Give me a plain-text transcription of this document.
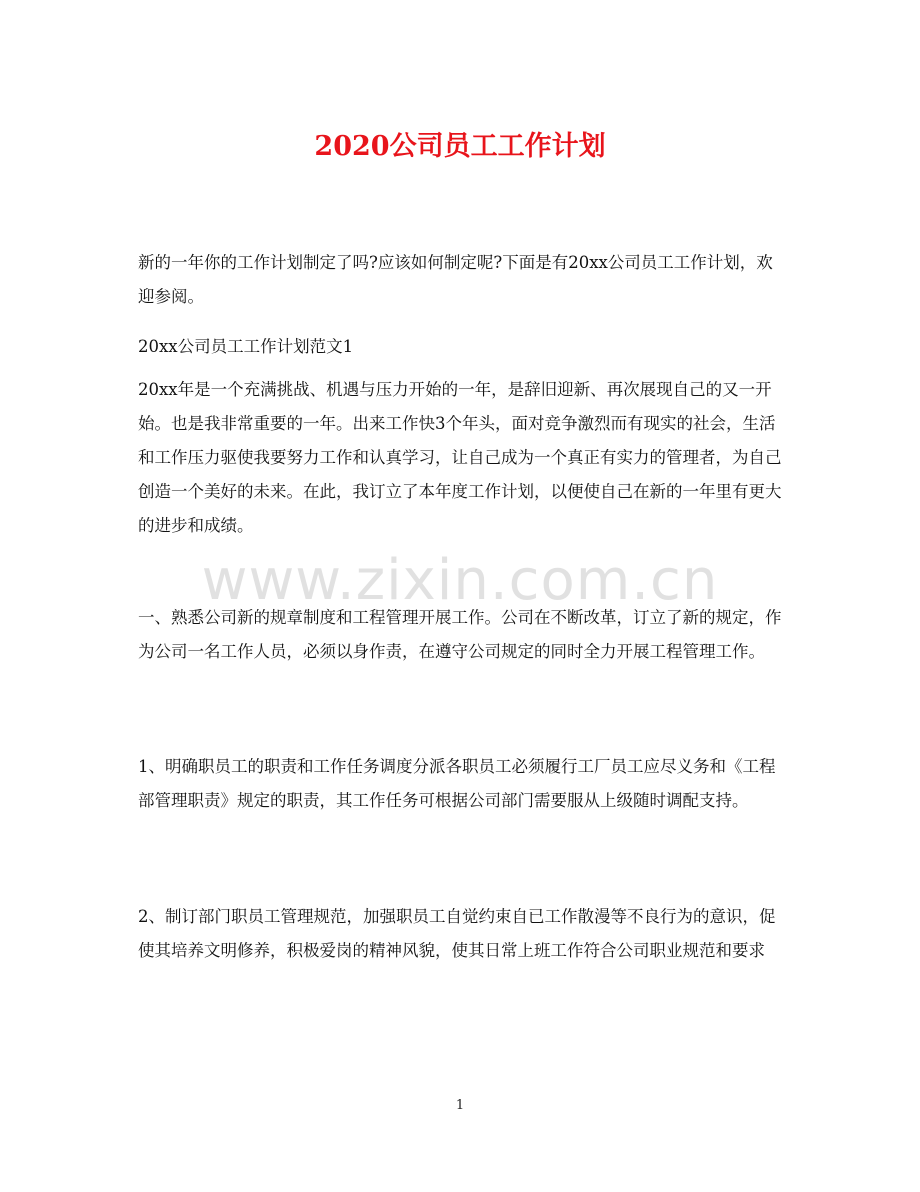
2020公司员工工作计划

新的一年你的工作计划制定了吗?应该如何制定呢?下面是有20xx公司员工工作计划，欢迎参阅。

20xx公司员工工作计划范文1

20xx年是一个充满挑战、机遇与压力开始的一年，是辞旧迎新、再次展现自己的又一开始。也是我非常重要的一年。出来工作快3个年头，面对竞争激烈而有现实的社会，生活和工作压力驱使我要努力工作和认真学习，让自己成为一个真正有实力的管理者，为自己创造一个美好的未来。在此，我订立了本年度工作计划，以便使自己在新的一年里有更大的进步和成绩。

一、熟悉公司新的规章制度和工程管理开展工作。公司在不断改革，订立了新的规定，作为公司一名工作人员，必须以身作责，在遵守公司规定的同时全力开展工程管理工作。

1、明确职员工的职责和工作任务调度分派各职员工必须履行工厂员工应尽义务和《工程部管理职责》规定的职责，其工作任务可根据公司部门需要服从上级随时调配支持。

2、制订部门职员工管理规范，加强职员工自觉约束自已工作散漫等不良行为的意识，促使其培养文明修养，积极爱岗的精神风貌，使其日常上班工作符合公司职业规范和要求

www.zixin.com.cn
1
